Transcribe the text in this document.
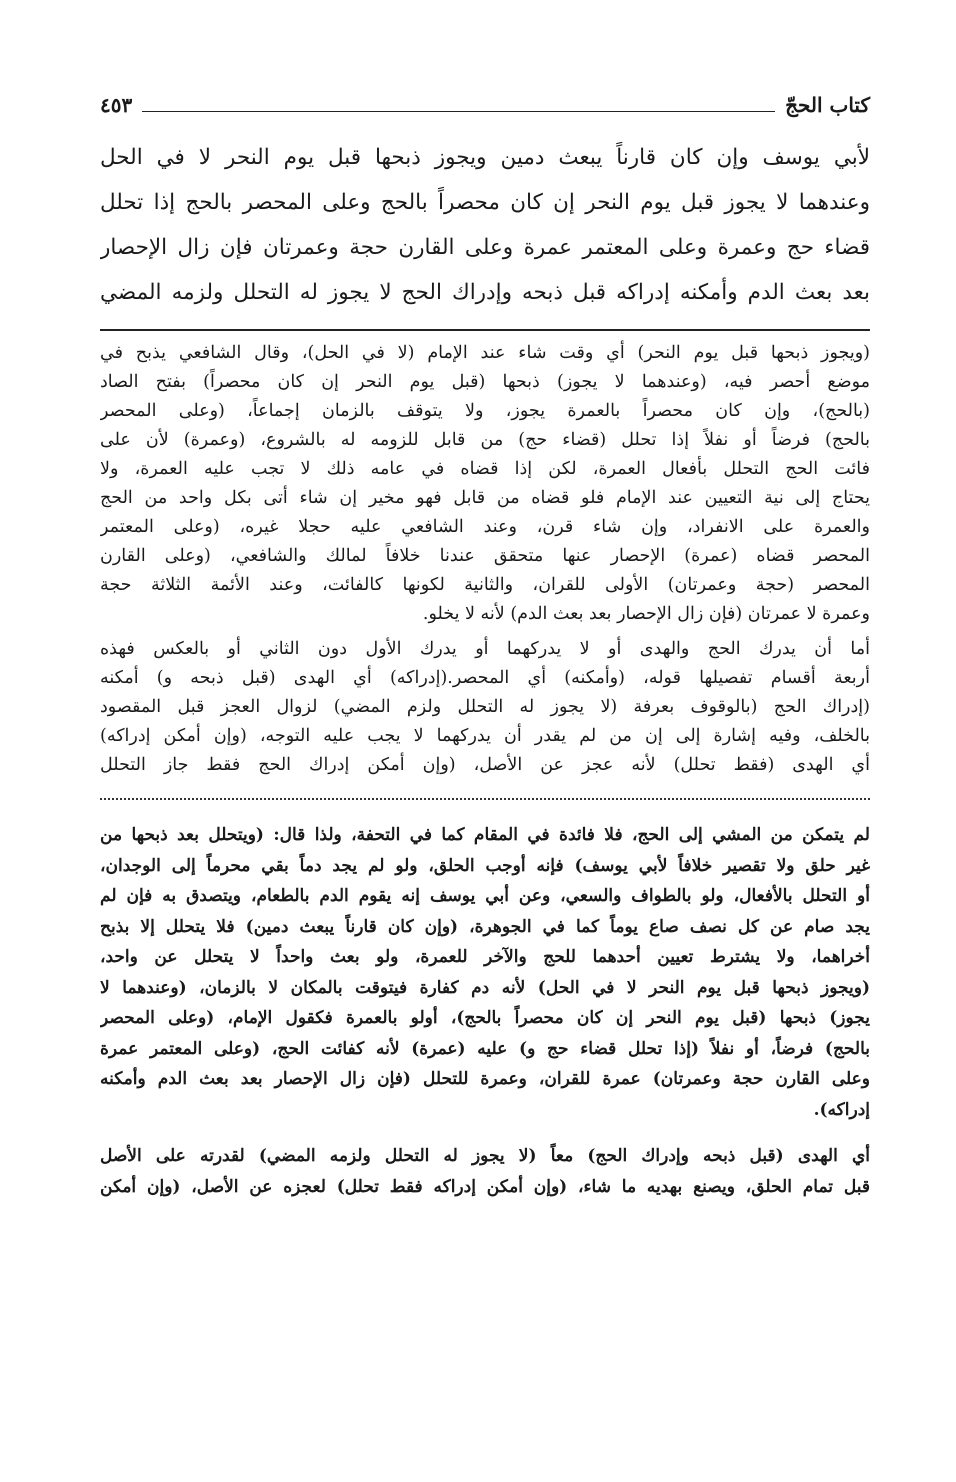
كتاب الحجّ
٤٥٣
لأبي يوسف وإن كان قارناً يبعث دمين ويجوز ذبحها قبل يوم النحر لا في الحل
وعندهما لا يجوز قبل يوم النحر إن كان محصراً بالحج وعلى المحصر بالحج إذا تحلل
قضاء حج وعمرة وعلى المعتمر عمرة وعلى القارن حجة وعمرتان فإن زال الإحصار
بعد بعث الدم وأمكنه إدراكه قبل ذبحه وإدراك الحج لا يجوز له التحلل ولزمه المضي
(ويجوز ذبحها قبل يوم النحر) أي وقت شاء عند الإمام (لا في الحل)، وقال الشافعي يذبح في
موضع أحصر فيه، (وعندهما لا يجوز) ذبحها (قبل يوم النحر إن كان محصراً) بفتح الصاد
(بالحج)، وإن كان محصراً بالعمرة يجوز، ولا يتوقف بالزمان إجماعاً، (وعلى المحصر
بالحج) فرضاً أو نفلاً إذا تحلل (قضاء حج) من قابل للزومه له بالشروع، (وعمرة) لأن على
فائت الحج التحلل بأفعال العمرة، لكن إذا قضاه في عامه ذلك لا تجب عليه العمرة، ولا
يحتاج إلى نية التعيين عند الإمام فلو قضاه من قابل فهو مخير إن شاء أتى بكل واحد من الحج
والعمرة على الانفراد، وإن شاء قرن، وعند الشافعي عليه حجلا غيره، (وعلى المعتمر
المحصر قضاه (عمرة) الإحصار عنها متحقق عندنا خلافاً لمالك والشافعي، (وعلى القارن
المحصر (حجة وعمرتان) الأولى للقران، والثانية لكونها كالفائت، وعند الأئمة الثلاثة حجة
وعمرة لا عمرتان (فإن زال الإحصار بعد بعث الدم) لأنه لا يخلو.
أما أن يدرك الحج والهدى أو لا يدركهما أو يدرك الأول دون الثاني أو بالعكس فهذه
أربعة أقسام تفصيلها قوله، (وأمكنه) أي المحصر.(إدراكه) أي الهدى (قبل ذبحه و) أمكنه
(إدراك الحج (بالوقوف بعرفة (لا يجوز له التحلل ولزم المضي) لزوال العجز قبل المقصود
بالخلف، وفيه إشارة إلى إن من لم يقدر أن يدركهما لا يجب عليه التوجه، (وإن أمكن إدراكه)
أي الهدى (فقط تحلل) لأنه عجز عن الأصل، (وإن أمكن إدراك الحج فقط جاز التحلل
لم يتمكن من المشي إلى الحج، فلا فائدة في المقام كما في التحفة، ولذا قال: (ويتحلل بعد ذبحها من
غير حلق ولا تقصير خلافاً لأبي يوسف) فإنه أوجب الحلق، ولو لم يجد دماً بقي محرماً إلى الوجدان،
أو التحلل بالأفعال، ولو بالطواف والسعي، وعن أبي يوسف إنه يقوم الدم بالطعام، ويتصدق به فإن لم
يجد صام عن كل نصف صاع يوماً كما في الجوهرة، (وإن كان قارناً يبعث دمين) فلا يتحلل إلا بذبح
أخراهما، ولا يشترط تعيين أحدهما للحج والآخر للعمرة، ولو بعث واحداً لا يتحلل عن واحد،
(ويجوز ذبحها قبل يوم النحر لا في الحل) لأنه دم كفارة فيتوقت بالمكان لا بالزمان، (وعندهما لا
يجوز) ذبحها (قبل يوم النحر إن كان محصراً بالحج)، أولو بالعمرة فكقول الإمام، (وعلى المحصر
بالحج) فرضاً، أو نفلاً (إذا تحلل قضاء حج و) عليه (عمرة) لأنه كفائت الحج، (وعلى المعتمر عمرة
وعلى القارن حجة وعمرتان) عمرة للقران، وعمرة للتحلل (فإن زال الإحصار بعد بعث الدم وأمكنه
إدراكه).
أي الهدى (قبل ذبحه وإدراك الحج) معاً (لا يجوز له التحلل ولزمه المضي) لقدرته على الأصل
قبل تمام الحلق، ويصنع بهديه ما شاء، (وإن أمكن إدراكه فقط تحلل) لعجزه عن الأصل، (وإن أمكن
